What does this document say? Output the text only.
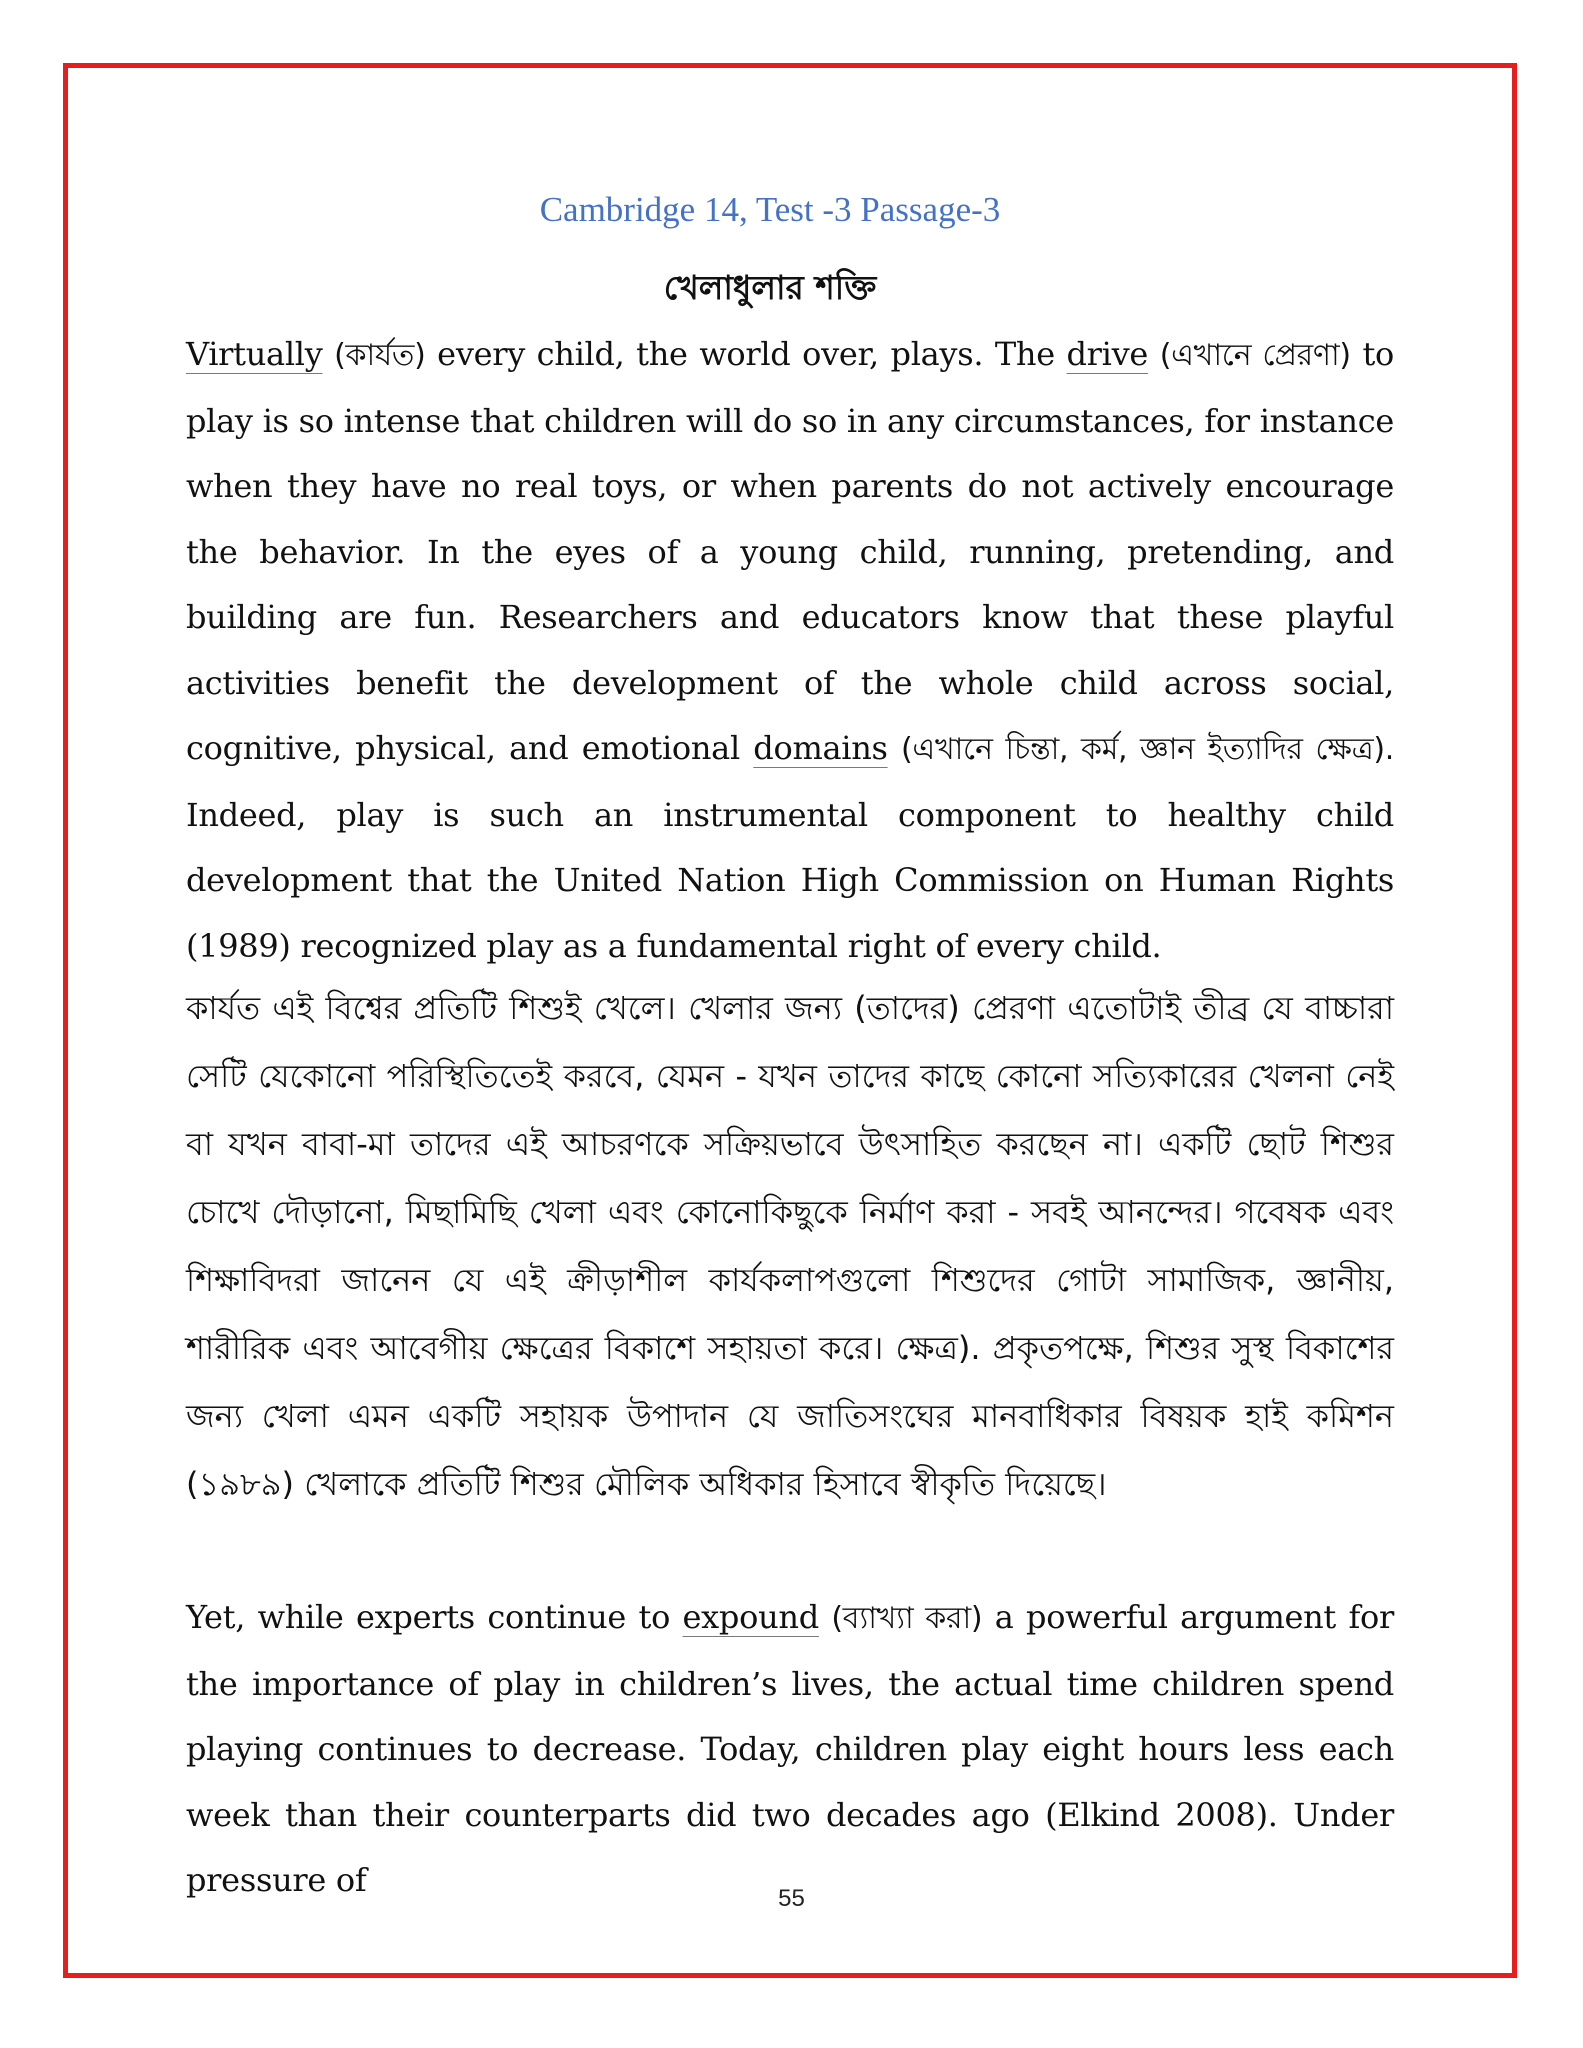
Cambridge 14, Test -3 Passage-3
খেলাধুলার শক্তি

Virtually (কার্যত) every child, the world over, plays. The drive (এখানে প্রেরণা) to play is so intense that children will do so in any circumstances, for instance when they have no real toys, or when parents do not actively encourage the behavior. In the eyes of a young child, running, pretending, and building are fun. Researchers and educators know that these playful activities benefit the development of the whole child across social, cognitive, physical, and emotional domains (এখানে চিন্তা, কর্ম, জ্ঞান ইত্যাদির ক্ষেত্র). Indeed, play is such an instrumental component to healthy child development that the United Nation High Commission on Human Rights (1989) recognized play as a fundamental right of every child.

কার্যত এই বিশ্বের প্রতিটি শিশুই খেলে। খেলার জন্য (তাদের) প্রেরণা এতোটাই তীব্র যে বাচ্চারা সেটি যেকোনো পরিস্থিতিতেই করবে, যেমন - যখন তাদের কাছে কোনো সত্যিকারের খেলনা নেই বা যখন বাবা-মা তাদের এই আচরণকে সক্রিয়ভাবে উৎসাহিত করছেন না। একটি ছোট শিশুর চোখে দৌড়ানো, মিছামিছি খেলা এবং কোনোকিছুকে নির্মাণ করা - সবই আনন্দের। গবেষক এবং শিক্ষাবিদরা জানেন যে এই ক্রীড়াশীল কার্যকলাপগুলো শিশুদের গোটা সামাজিক, জ্ঞানীয়, শারীরিক এবং আবেগীয় ক্ষেত্রের বিকাশে সহায়তা করে। ক্ষেত্র). প্রকৃতপক্ষে, শিশুর সুস্থ বিকাশের জন্য খেলা এমন একটি সহায়ক উপাদান যে জাতিসংঘের মানবাধিকার বিষয়ক হাই কমিশন (১৯৮৯) খেলাকে প্রতিটি শিশুর মৌলিক অধিকার হিসাবে স্বীকৃতি দিয়েছে।

Yet, while experts continue to expound (ব্যাখ্যা করা) a powerful argument for the importance of play in children’s lives, the actual time children spend playing continues to decrease. Today, children play eight hours less each week than their counterparts did two decades ago (Elkind 2008). Under pressure of	55
